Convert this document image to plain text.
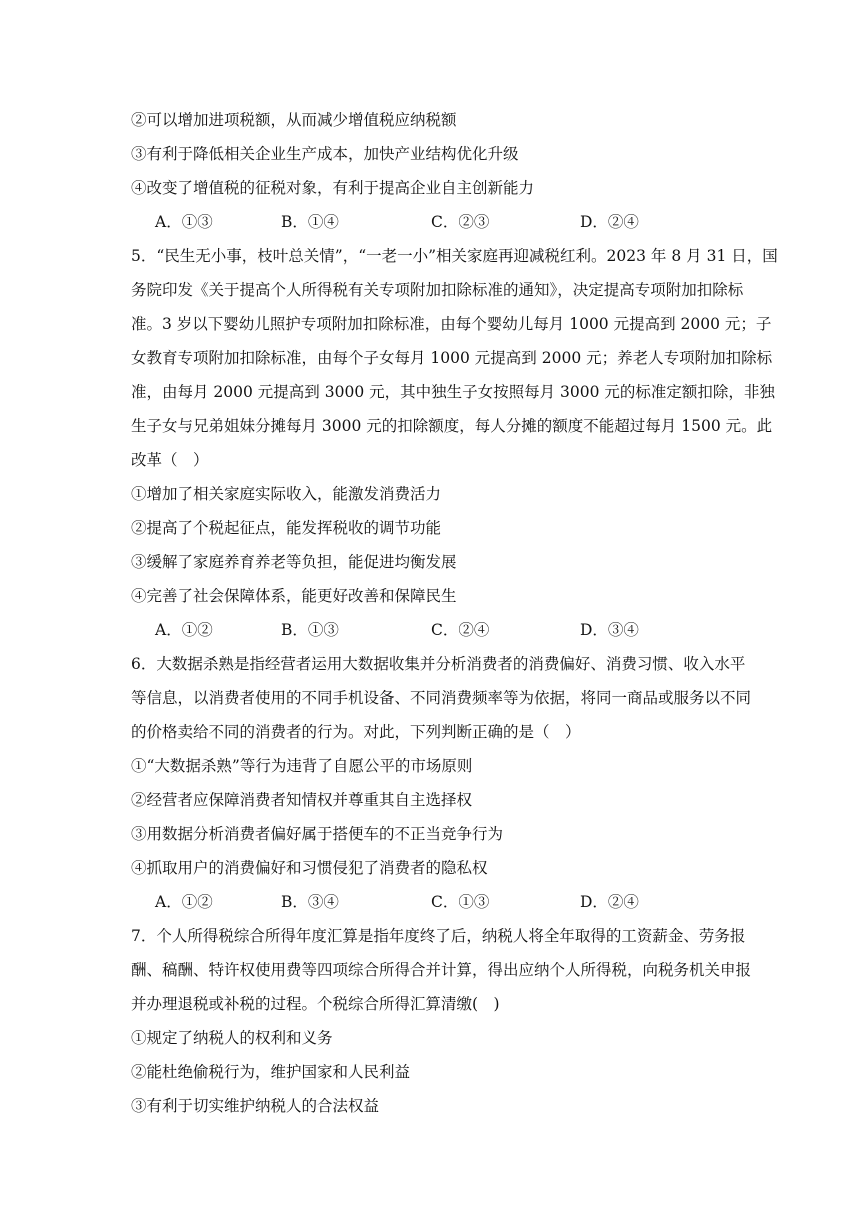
②可以增加进项税额，从而减少增值税应纳税额
③有利于降低相关企业生产成本，加快产业结构优化升级
④改变了增值税的征税对象，有利于提高企业自主创新能力
A．①③	B．①④	C．②③	D．②④
5．“民生无小事，枝叶总关情”，“一老一小”相关家庭再迎减税红利。2023 年 8 月 31 日，国
务院印发《关于提高个人所得税有关专项附加扣除标准的通知》，决定提高专项附加扣除标
准。3 岁以下婴幼儿照护专项附加扣除标准，由每个婴幼儿每月 1000 元提高到 2000 元；子
女教育专项附加扣除标准，由每个子女每月 1000 元提高到 2000 元；养老人专项附加扣除标
准，由每月 2000 元提高到 3000 元，其中独生子女按照每月 3000 元的标准定额扣除，非独
生子女与兄弟姐妹分摊每月 3000 元的扣除额度，每人分摊的额度不能超过每月 1500 元。此
改革（　）
①增加了相关家庭实际收入，能激发消费活力
②提高了个税起征点，能发挥税收的调节功能
③缓解了家庭养育养老等负担，能促进均衡发展
④完善了社会保障体系，能更好改善和保障民生
A．①②	B．①③	C．②④	D．③④
6．大数据杀熟是指经营者运用大数据收集并分析消费者的消费偏好、消费习惯、收入水平
等信息，以消费者使用的不同手机设备、不同消费频率等为依据，将同一商品或服务以不同
的价格卖给不同的消费者的行为。对此，下列判断正确的是（　）
①“大数据杀熟”等行为违背了自愿公平的市场原则
②经营者应保障消费者知情权并尊重其自主选择权
③用数据分析消费者偏好属于搭便车的不正当竞争行为
④抓取用户的消费偏好和习惯侵犯了消费者的隐私权
A．①②	B．③④	C．①③	D．②④
7．个人所得税综合所得年度汇算是指年度终了后，纳税人将全年取得的工资薪金、劳务报
酬、稿酬、特许权使用费等四项综合所得合并计算，得出应纳个人所得税，向税务机关申报
并办理退税或补税的过程。个税综合所得汇算清缴(　)
①规定了纳税人的权利和义务
②能杜绝偷税行为，维护国家和人民利益
③有利于切实维护纳税人的合法权益
